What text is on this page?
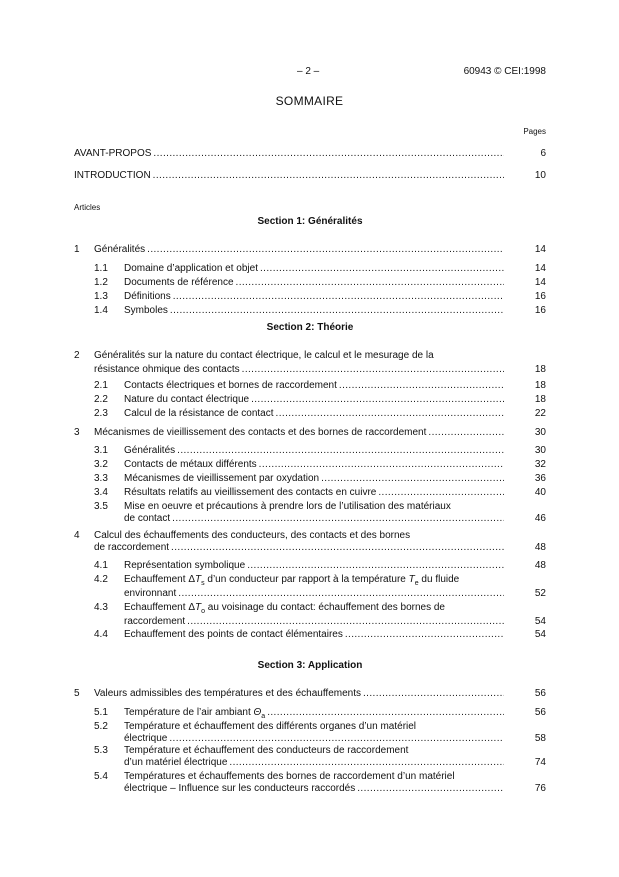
– 2 –	60943 © CEI:1998
SOMMAIRE
Pages
AVANT-PROPOS .....	6
INTRODUCTION .....	10
Articles
Section 1: Généralités
1 Généralités .....	14
1.1 Domaine d’application et objet .....	14
1.2 Documents de référence .....	14
1.3 Définitions .....	16
1.4 Symboles .....	16
Section 2: Théorie
2 Généralités sur la nature du contact électrique, le calcul et le mesurage de la
résistance ohmique des contacts .....	18
2.1 Contacts électriques et bornes de raccordement .....	18
2.2 Nature du contact électrique .....	18
2.3 Calcul de la résistance de contact .....	22
3 Mécanismes de vieillissement des contacts et des bornes de raccordement .....	30
3.1 Généralités .....	30
3.2 Contacts de métaux différents .....	32
3.3 Mécanismes de vieillissement par oxydation .....	36
3.4 Résultats relatifs au vieillissement des contacts en cuivre .....	40
3.5 Mise en oeuvre et précautions à prendre lors de l’utilisation des matériaux
de contact .....	46
4 Calcul des échauffements des conducteurs, des contacts et des bornes
de raccordement .....	48
4.1 Représentation symbolique .....	48
4.2 Echauffement $\Delta T_s$ d’un conducteur par rapport à la température $T_e$ du fluide
environnant .....	52
4.3 Echauffement $\Delta T_o$ au voisinage du contact: échauffement des bornes de
raccordement .....	54
4.4 Echauffement des points de contact élémentaires .....	54
Section 3: Application
5 Valeurs admissibles des températures et des échauffements .....	56
5.1 Température de l’air ambiant $\Theta_a$ .....	56
5.2 Température et échauffement des différents organes d’un matériel
électrique .....	58
5.3 Température et échauffement des conducteurs de raccordement
d’un matériel électrique .....	74
5.4 Températures et échauffements des bornes de raccordement d’un matériel
électrique – Influence sur les conducteurs raccordés .....	76
